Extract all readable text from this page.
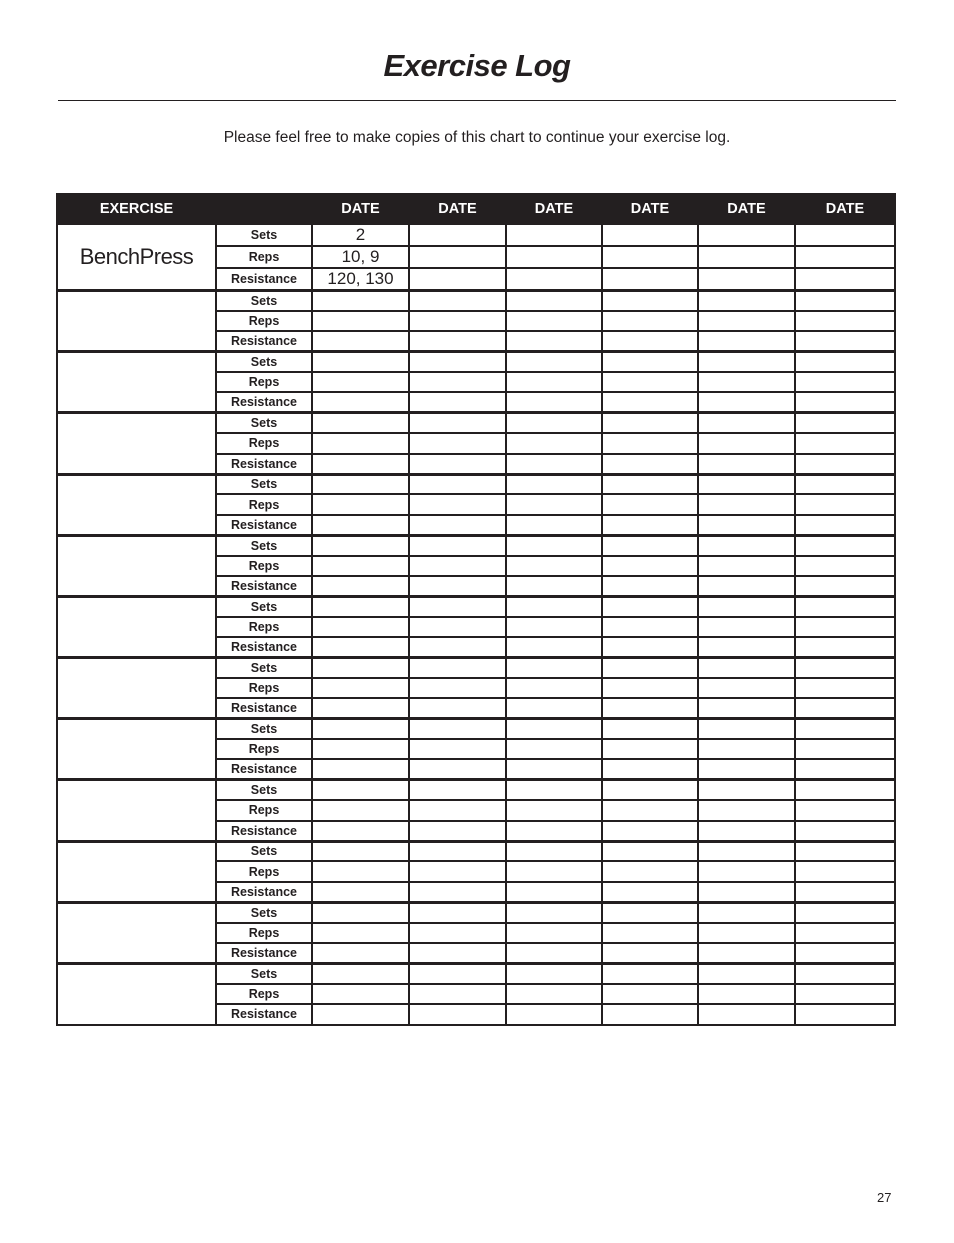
Exercise Log
Please feel free to make copies of this chart to continue your exercise log.
EXERCISE		DATE	DATE	DATE	DATE	DATE	DATE
BenchPress	Sets	2					
	Reps	10, 9					
	Resistance	120, 130					
	Sets						
	Reps						
	Resistance						
	Sets						
	Reps						
	Resistance						
	Sets						
	Reps						
	Resistance						
	Sets						
	Reps						
	Resistance						
	Sets						
	Reps						
	Resistance						
	Sets						
	Reps						
	Resistance						
	Sets						
	Reps						
	Resistance						
	Sets						
	Reps						
	Resistance						
	Sets						
	Reps						
	Resistance						
	Sets						
	Reps						
	Resistance						
	Sets						
	Reps						
	Resistance						
	Sets						
	Reps						
	Resistance						
27
